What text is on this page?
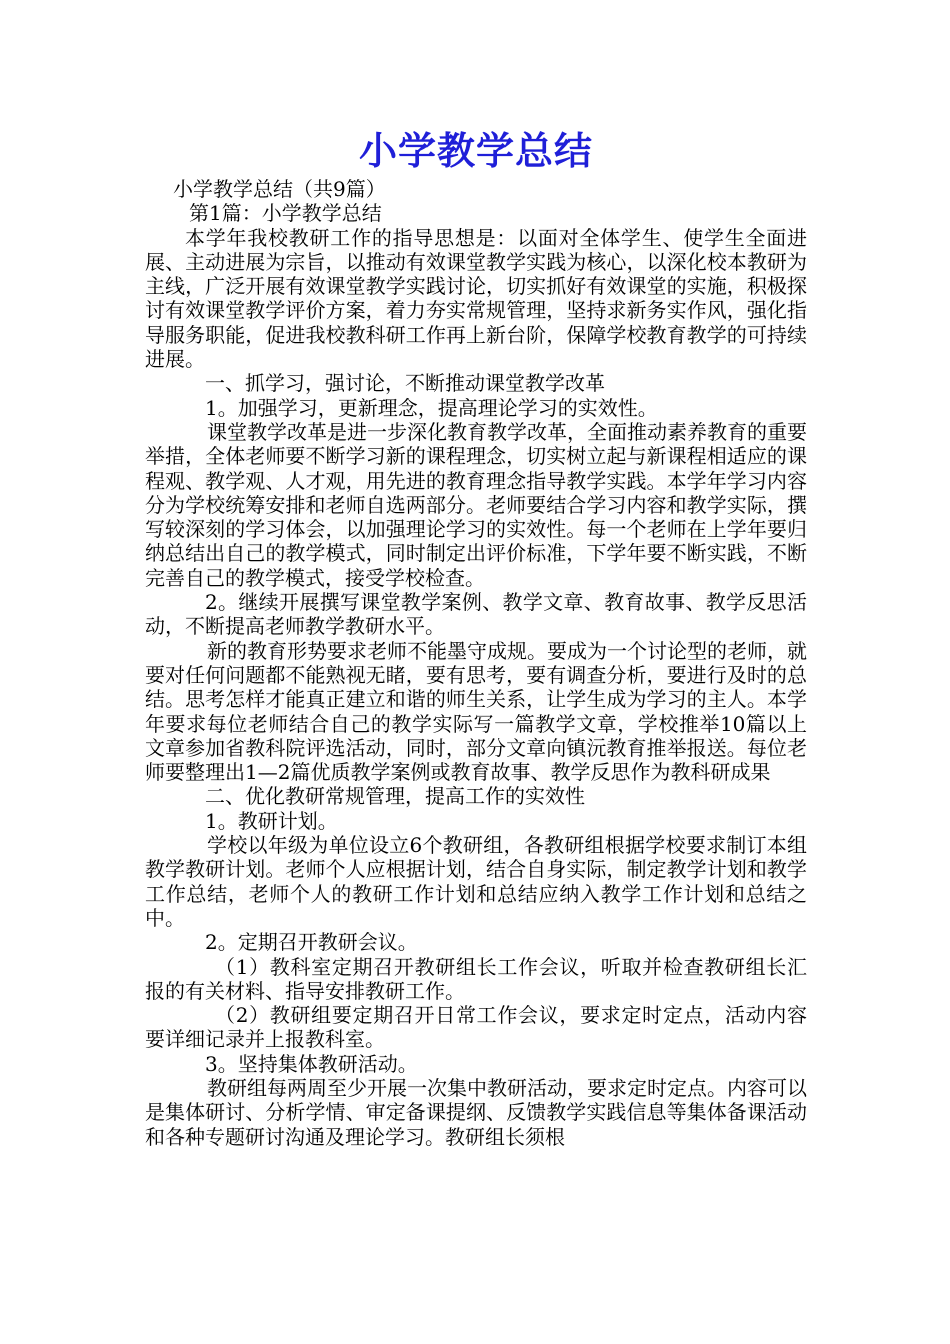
小学教学总结

小学教学总结（共9篇）

第1篇：小学教学总结

本学年我校教研工作的指导思想是：以面对全体学生、使学生全面进展、主动进展为宗旨，以推动有效课堂教学实践为核心，以深化校本教研为主线，广泛开展有效课堂教学实践讨论，切实抓好有效课堂的实施，积极探讨有效课堂教学评价方案，着力夯实常规管理，坚持求新务实作风，强化指导服务职能，促进我校教科研工作再上新台阶，保障学校教育教学的可持续进展。

一、抓学习，强讨论，不断推动课堂教学改革

1。加强学习，更新理念，提高理论学习的实效性。

课堂教学改革是进一步深化教育教学改革，全面推动素养教育的重要举措，全体老师要不断学习新的课程理念，切实树立起与新课程相适应的课程观、教学观、人才观，用先进的教育理念指导教学实践。本学年学习内容分为学校统筹安排和老师自选两部分。老师要结合学习内容和教学实际，撰写较深刻的学习体会，以加强理论学习的实效性。每一个老师在上学年要归纳总结出自己的教学模式，同时制定出评价标准，下学年要不断实践，不断完善自己的教学模式，接受学校检查。

2。继续开展撰写课堂教学案例、教学文章、教育故事、教学反思活动，不断提高老师教学教研水平。

新的教育形势要求老师不能墨守成规。要成为一个讨论型的老师，就要对任何问题都不能熟视无睹，要有思考，要有调查分析，要进行及时的总结。思考怎样才能真正建立和谐的师生关系，让学生成为学习的主人。本学年要求每位老师结合自己的教学实际写一篇教学文章，学校推举10篇以上文章参加省教科院评选活动，同时，部分文章向镇沅教育推举报送。每位老师要整理出1—2篇优质教学案例或教育故事、教学反思作为教科研成果

二、优化教研常规管理，提高工作的实效性

1。教研计划。

学校以年级为单位设立6个教研组，各教研组根据学校要求制订本组教学教研计划。老师个人应根据计划，结合自身实际，制定教学计划和教学工作总结，老师个人的教研工作计划和总结应纳入教学工作计划和总结之中。

2。定期召开教研会议。

（1）教科室定期召开教研组长工作会议，听取并检查教研组长汇报的有关材料、指导安排教研工作。

（2）教研组要定期召开日常工作会议，要求定时定点，活动内容要详细记录并上报教科室。

3。坚持集体教研活动。

教研组每两周至少开展一次集中教研活动，要求定时定点。内容可以是集体研讨、分析学情、审定备课提纲、反馈教学实践信息等集体备课活动和各种专题研讨沟通及理论学习。教研组长须根
